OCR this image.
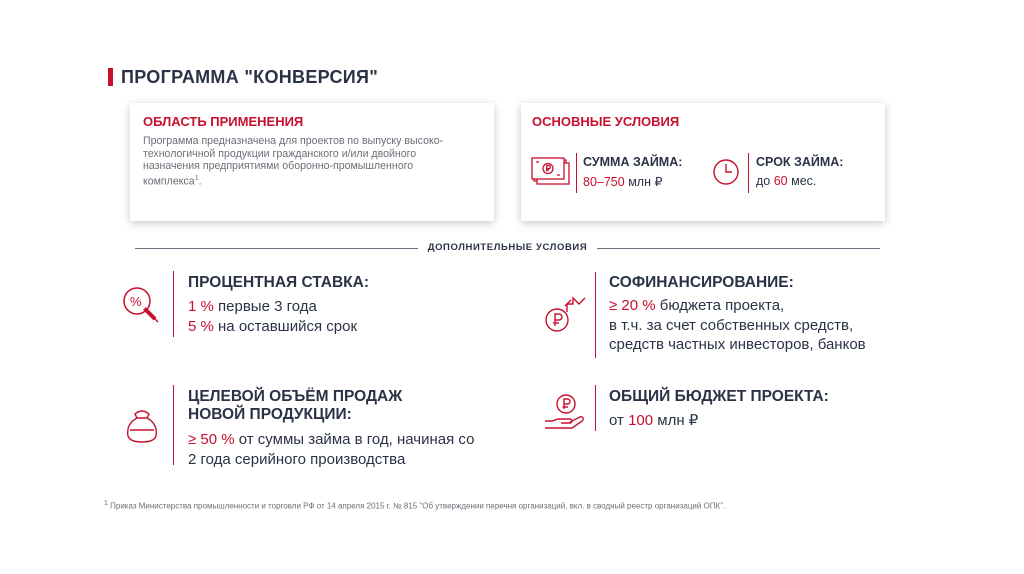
ПРОГРАММА "КОНВЕРСИЯ"
ОБЛАСТЬ ПРИМЕНЕНИЯ
Программа предназначена для проектов по выпуску высоко-
технологичной продукции гражданского и/или двойного
назначения предприятиями оборонно-промышленного
комплекса$^1$.
ОСНОВНЫЕ УСЛОВИЯ
СУММА ЗАЙМА:
80–750 млн ₽
СРОК ЗАЙМА:
до 60 мес.
ДОПОЛНИТЕЛЬНЫЕ УСЛОВИЯ
%
ПРОЦЕНТНАЯ СТАВКА:
1 % первые 3 года
5 % на оставшийся срок
СОФИНАНСИРОВАНИЕ:
≥ 20 % бюджета проекта,
в т.ч. за счет собственных средств,
средств частных инвесторов, банков
ЦЕЛЕВОЙ ОБЪЁМ ПРОДАЖ
НОВОЙ ПРОДУКЦИИ:
≥ 50 % от суммы займа в год, начиная со
2 года серийного производства
ОБЩИЙ БЮДЖЕТ ПРОЕКТА:
от 100 млн ₽
1 Приказ Министерства промышленности и торговли РФ от 14 апреля 2015 г. № 815 "Об утверждении перечня организаций, вкл. в сводный реестр организаций ОПК".
